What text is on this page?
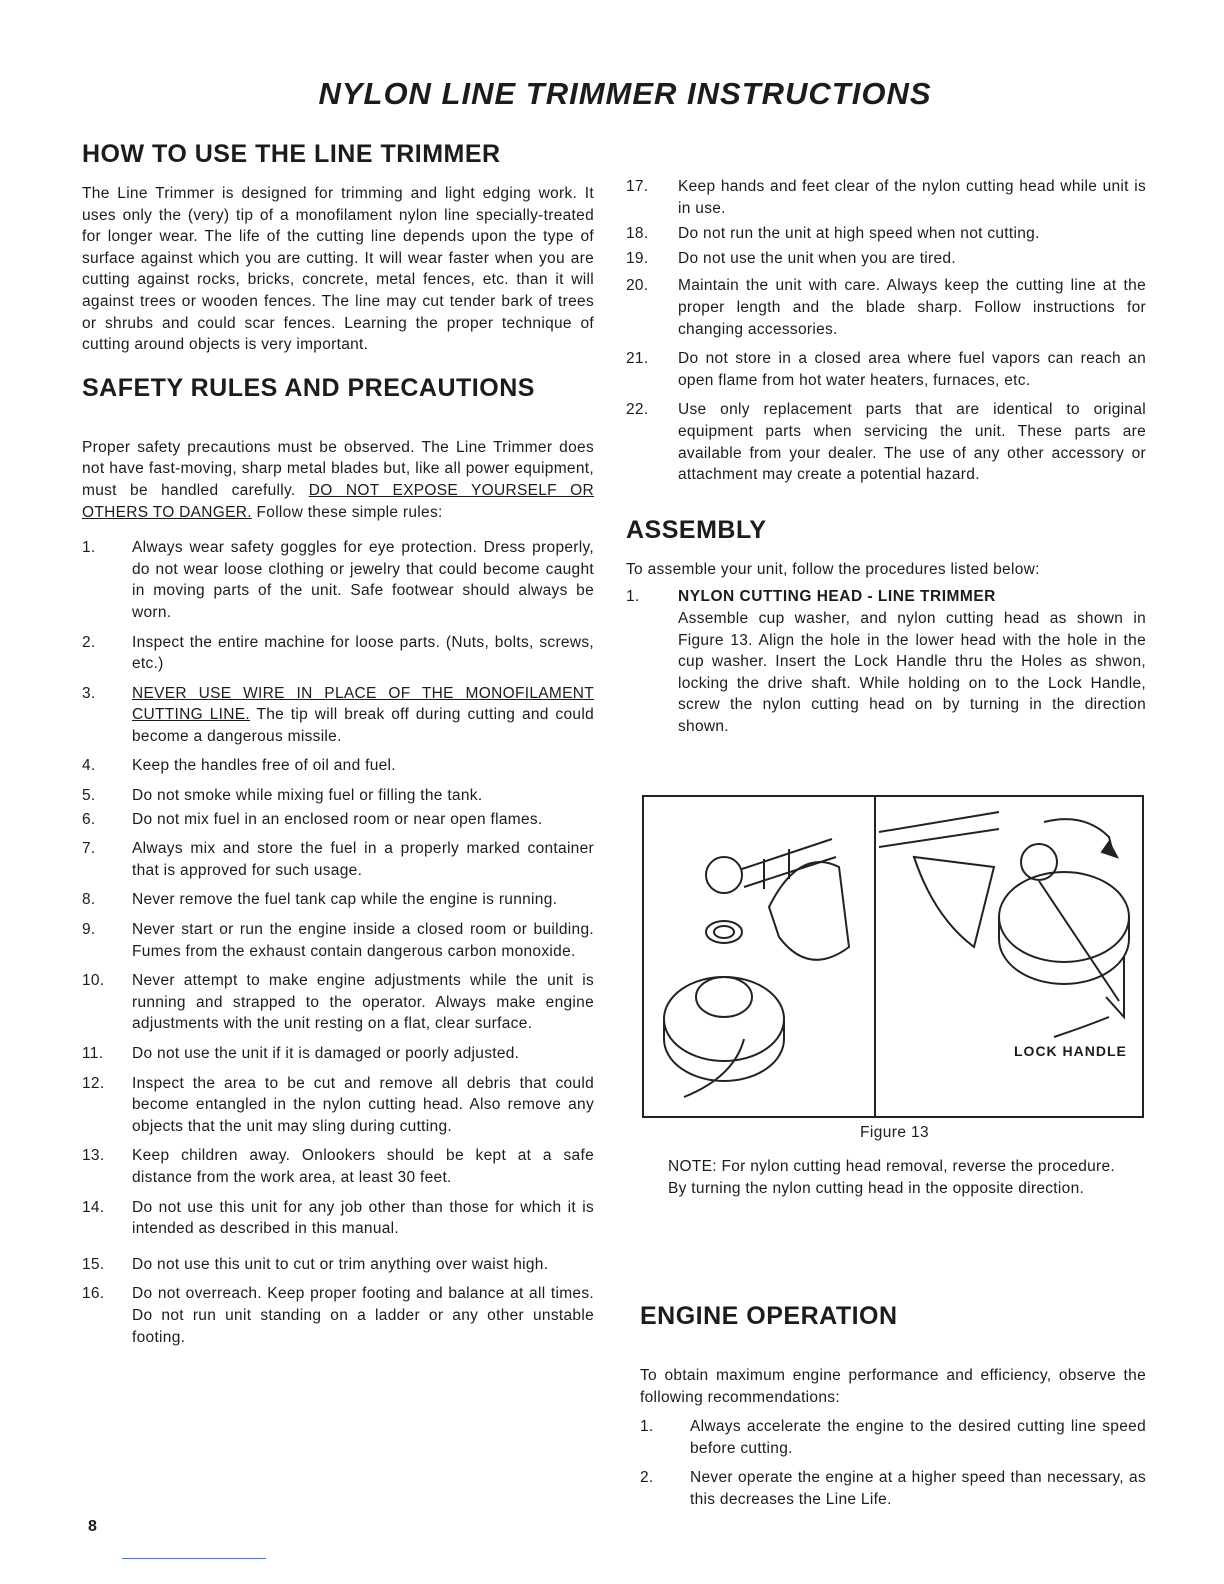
NYLON LINE TRIMMER INSTRUCTIONS
HOW TO USE THE LINE TRIMMER

The Line Trimmer is designed for trimming and light edging work. It uses only the (very) tip of a monofilament nylon line specially-treated for longer wear. The life of the cutting line depends upon the type of surface against which you are cutting. It will wear faster when you are cutting against rocks, bricks, concrete, metal fences, etc. than it will against trees or wooden fences. The line may cut tender bark of trees or shrubs and could scar fences. Learning the proper technique of cutting around objects is very important.

SAFETY RULES AND PRECAUTIONS

Proper safety precautions must be observed. The Line Trimmer does not have fast-moving, sharp metal blades but, like all power equipment, must be handled carefully. DO NOT EXPOSE YOURSELF OR OTHERS TO DANGER. Follow these simple rules:

1.	Always wear safety goggles for eye protection. Dress properly, do not wear loose clothing or jewelry that could become caught in moving parts of the unit. Safe footwear should always be worn.
2.	Inspect the entire machine for loose parts. (Nuts, bolts, screws, etc.)
3.	NEVER USE WIRE IN PLACE OF THE MONOFILAMENT CUTTING LINE. The tip will break off during cutting and could become a dangerous missile.
4.	Keep the handles free of oil and fuel.
5.	Do not smoke while mixing fuel or filling the tank.
6.	Do not mix fuel in an enclosed room or near open flames.
7.	Always mix and store the fuel in a properly marked container that is approved for such usage.
8.	Never remove the fuel tank cap while the engine is running.
9.	Never start or run the engine inside a closed room or building. Fumes from the exhaust contain dangerous carbon monoxide.
10.	Never attempt to make engine adjustments while the unit is running and strapped to the operator. Always make engine adjustments with the unit resting on a flat, clear surface.
11.	Do not use the unit if it is damaged or poorly adjusted.
12.	Inspect the area to be cut and remove all debris that could become entangled in the nylon cutting head. Also remove any objects that the unit may sling during cutting.
13.	Keep children away. Onlookers should be kept at a safe distance from the work area, at least 30 feet.
14.	Do not use this unit for any job other than those for which it is intended as described in this manual.
15.	Do not use this unit to cut or trim anything over waist high.
16.	Do not overreach. Keep proper footing and balance at all times. Do not run unit standing on a ladder or any other unstable footing.
17.	Keep hands and feet clear of the nylon cutting head while unit is in use.
18.	Do not run the unit at high speed when not cutting.
19.	Do not use the unit when you are tired.
20.	Maintain the unit with care. Always keep the cutting line at the proper length and the blade sharp. Follow instructions for changing accessories.
21.	Do not store in a closed area where fuel vapors can reach an open flame from hot water heaters, furnaces, etc.
22.	Use only replacement parts that are identical to original equipment parts when servicing the unit. These parts are available from your dealer. The use of any other accessory or attachment may create a potential hazard.
ASSEMBLY

To assemble your unit, follow the procedures listed below:

1.	NYLON CUTTING HEAD - LINE TRIMMER
Assemble cup washer, and nylon cutting head as shown in Figure 13. Align the hole in the lower head with the hole in the cup washer. Insert the Lock Handle thru the Holes as shwon, locking the drive shaft. While holding on to the Lock Handle, screw the nylon cutting head on by turning in the direction shown.
LOCK HANDLE
Figure 13

NOTE: For nylon cutting head removal, reverse the procedure. By turning the nylon cutting head in the opposite direction.

ENGINE OPERATION

To obtain maximum engine performance and efficiency, observe the following recommendations:

1.	Always accelerate the engine to the desired cutting line speed before cutting.
2.	Never operate the engine at a higher speed than necessary, as this decreases the Line Life.
8
